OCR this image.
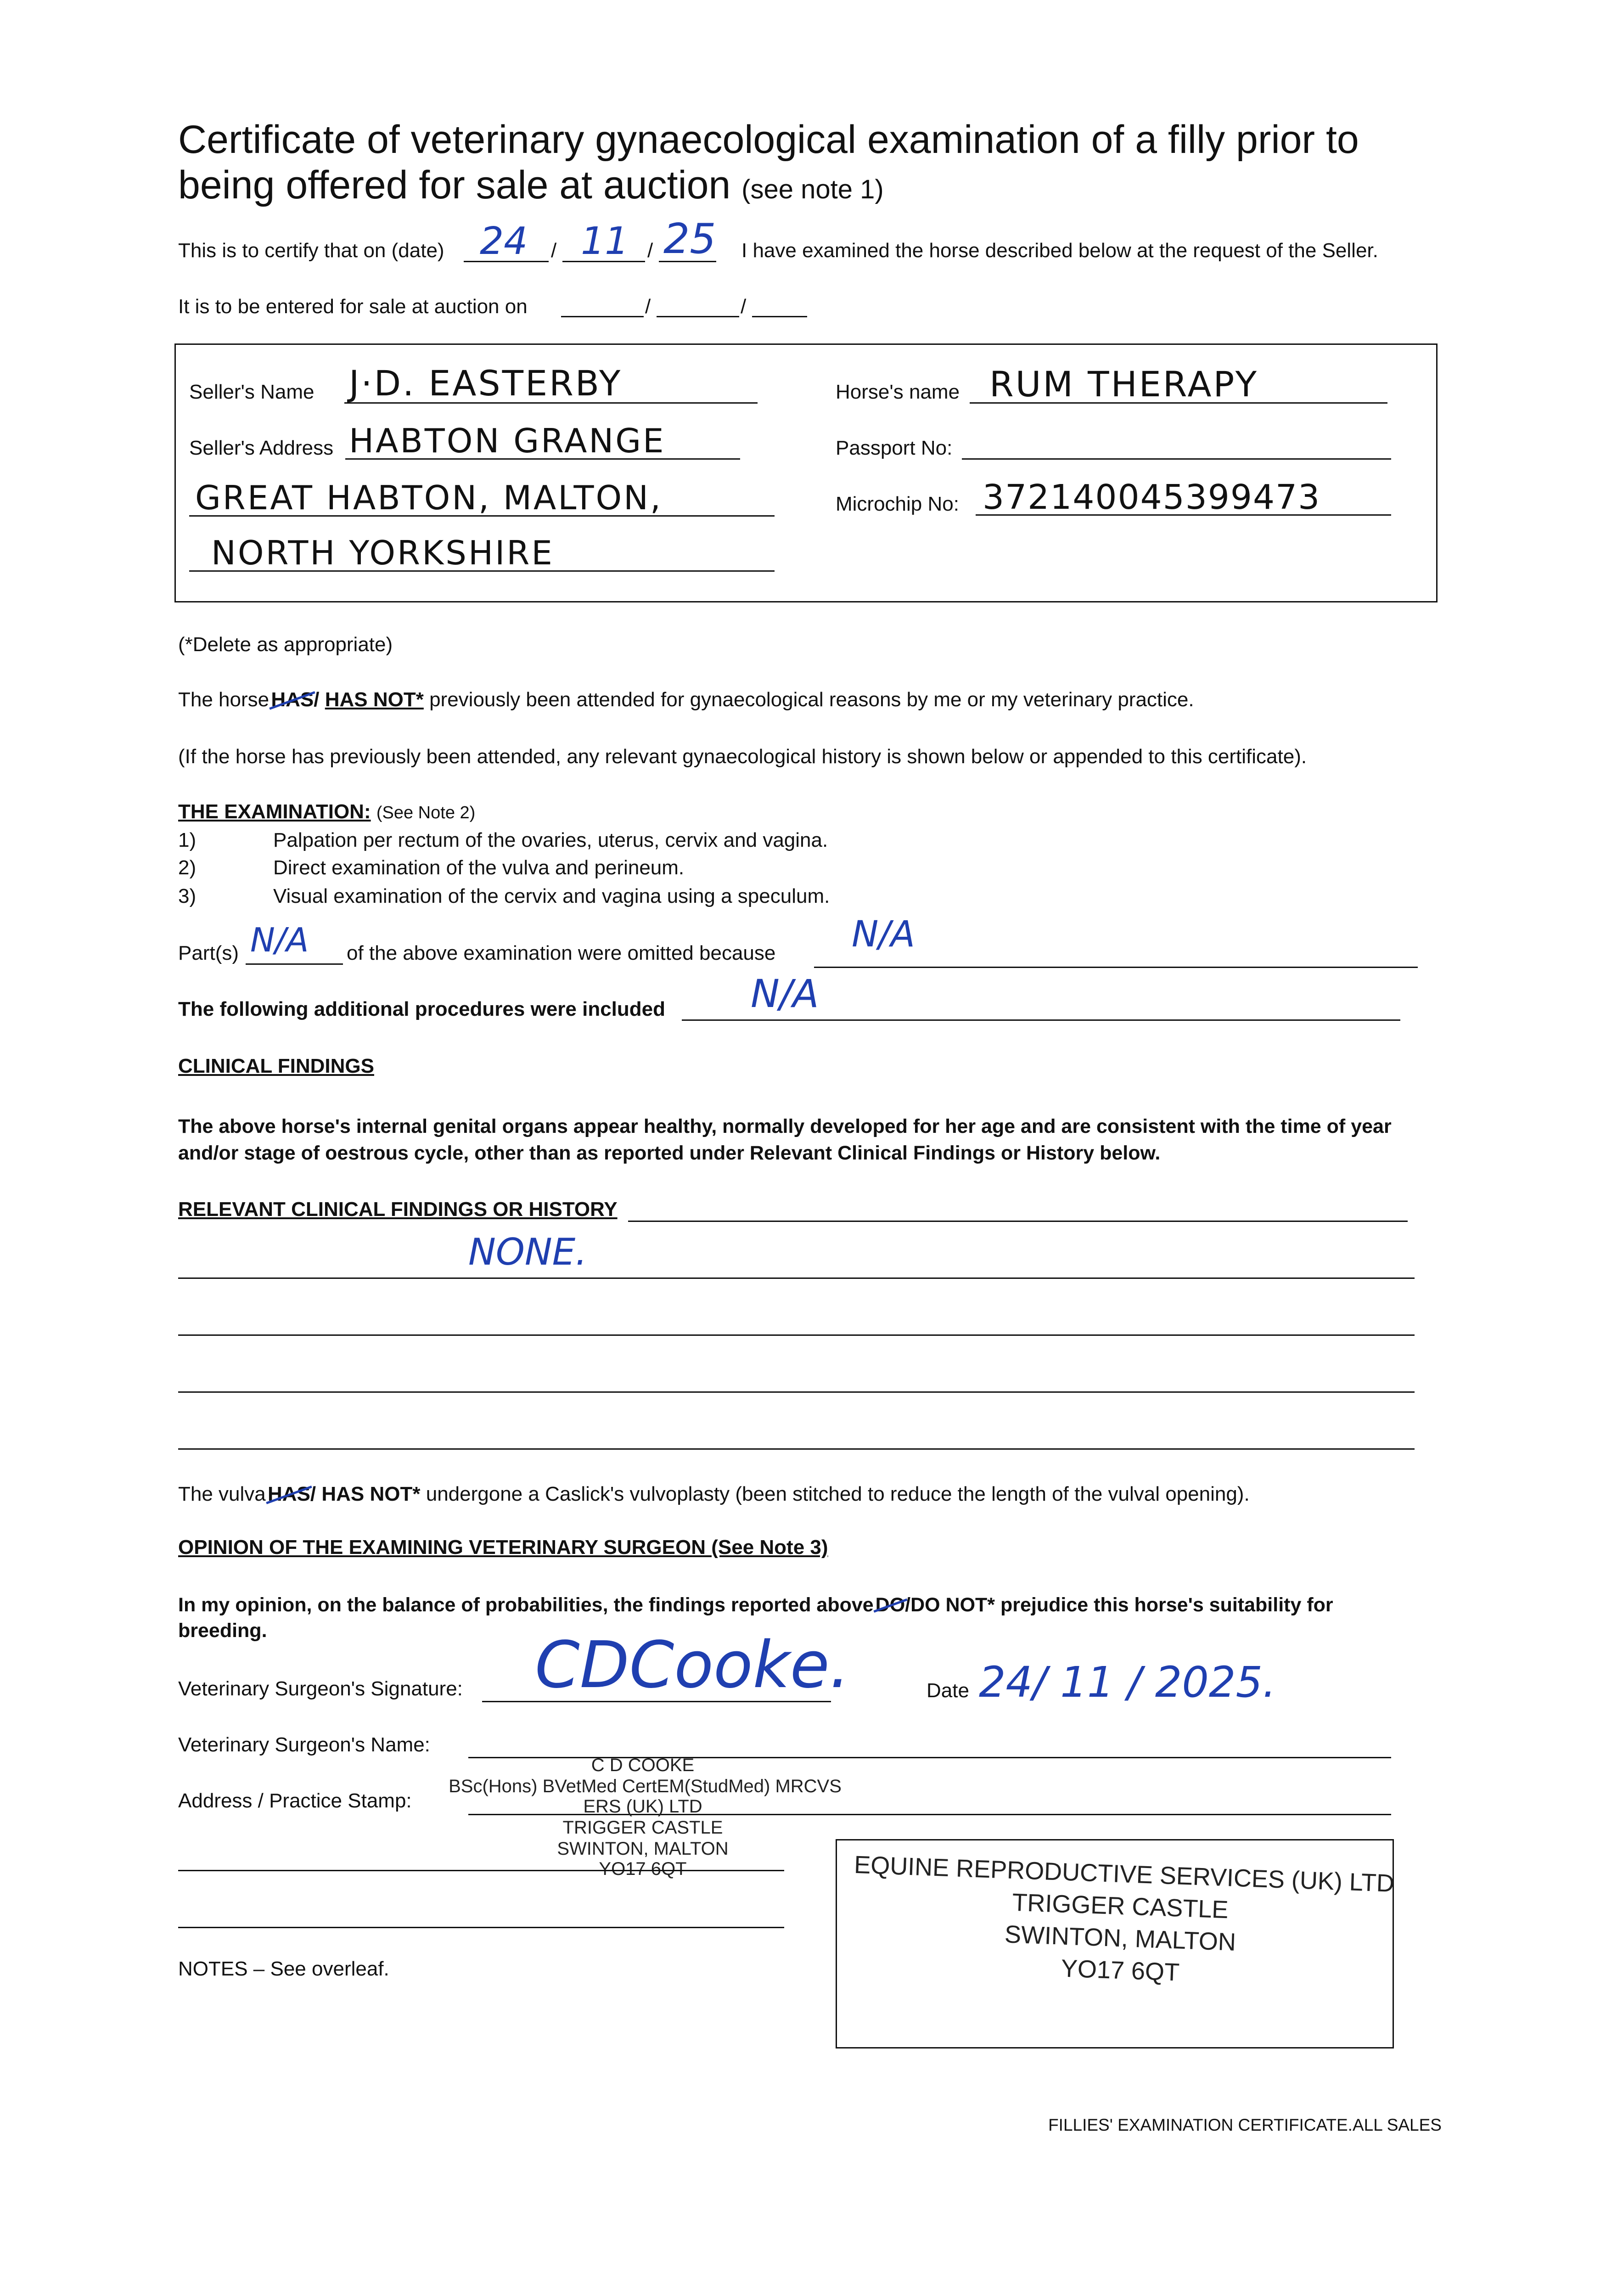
Certificate of veterinary gynaecological examination of a filly prior to
being offered for sale at auction (see note 1)
This is to certify that on (date) 24 / 11 / 25 I have examined the horse described below at the request of the Seller.
It is to be entered for sale at auction on	/	/
Seller's Name J·D. EASTERBY
Seller's Address HABTON GRANGE
GREAT HABTON, MALTON,
NORTH YORKSHIRE
Horse's name RUM THERAPY
Passport No:
Microchip No: 372140045399473
(*Delete as appropriate)
The horse HAS/ HAS NOT* previously been attended for gynaecological reasons by me or my veterinary practice.
(If the horse has previously been attended, any relevant gynaecological history is shown below or appended to this certificate).
THE EXAMINATION: (See Note 2)
1)	Palpation per rectum of the ovaries, uterus, cervix and vagina.
2)	Direct examination of the vulva and perineum.
3)	Visual examination of the cervix and vagina using a speculum.
Part(s) N/A of the above examination were omitted because N/A
The following additional procedures were included N/A
CLINICAL FINDINGS
The above horse's internal genital organs appear healthy, normally developed for her age and are consistent with the time of year
and/or stage of oestrous cycle, other than as reported under Relevant Clinical Findings or History below.
RELEVANT CLINICAL FINDINGS OR HISTORY
NONE.
The vulva HAS/ HAS NOT* undergone a Caslick's vulvoplasty (been stitched to reduce the length of the vulval opening).
OPINION OF THE EXAMINING VETERINARY SURGEON (See Note 3)
In my opinion, on the balance of probabilities, the findings reported above DO/DO NOT* prejudice this horse's suitability for
breeding.
Veterinary Surgeon's Signature: CDCooke.	Date 24/ 11 / 2025.
Veterinary Surgeon's Name:
C D COOKE
BSc(Hons) BVetMed CertEM(StudMed) MRCVS
Address / Practice Stamp:	ERS (UK) LTD
TRIGGER CASTLE
SWINTON, MALTON
YO17 6QT	EQUINE REPRODUCTIVE SERVICES (UK) LTD
TRIGGER CASTLE
SWINTON, MALTON
YO17 6QT
NOTES – See overleaf.
FILLIES' EXAMINATION CERTIFICATE.ALL SALES
